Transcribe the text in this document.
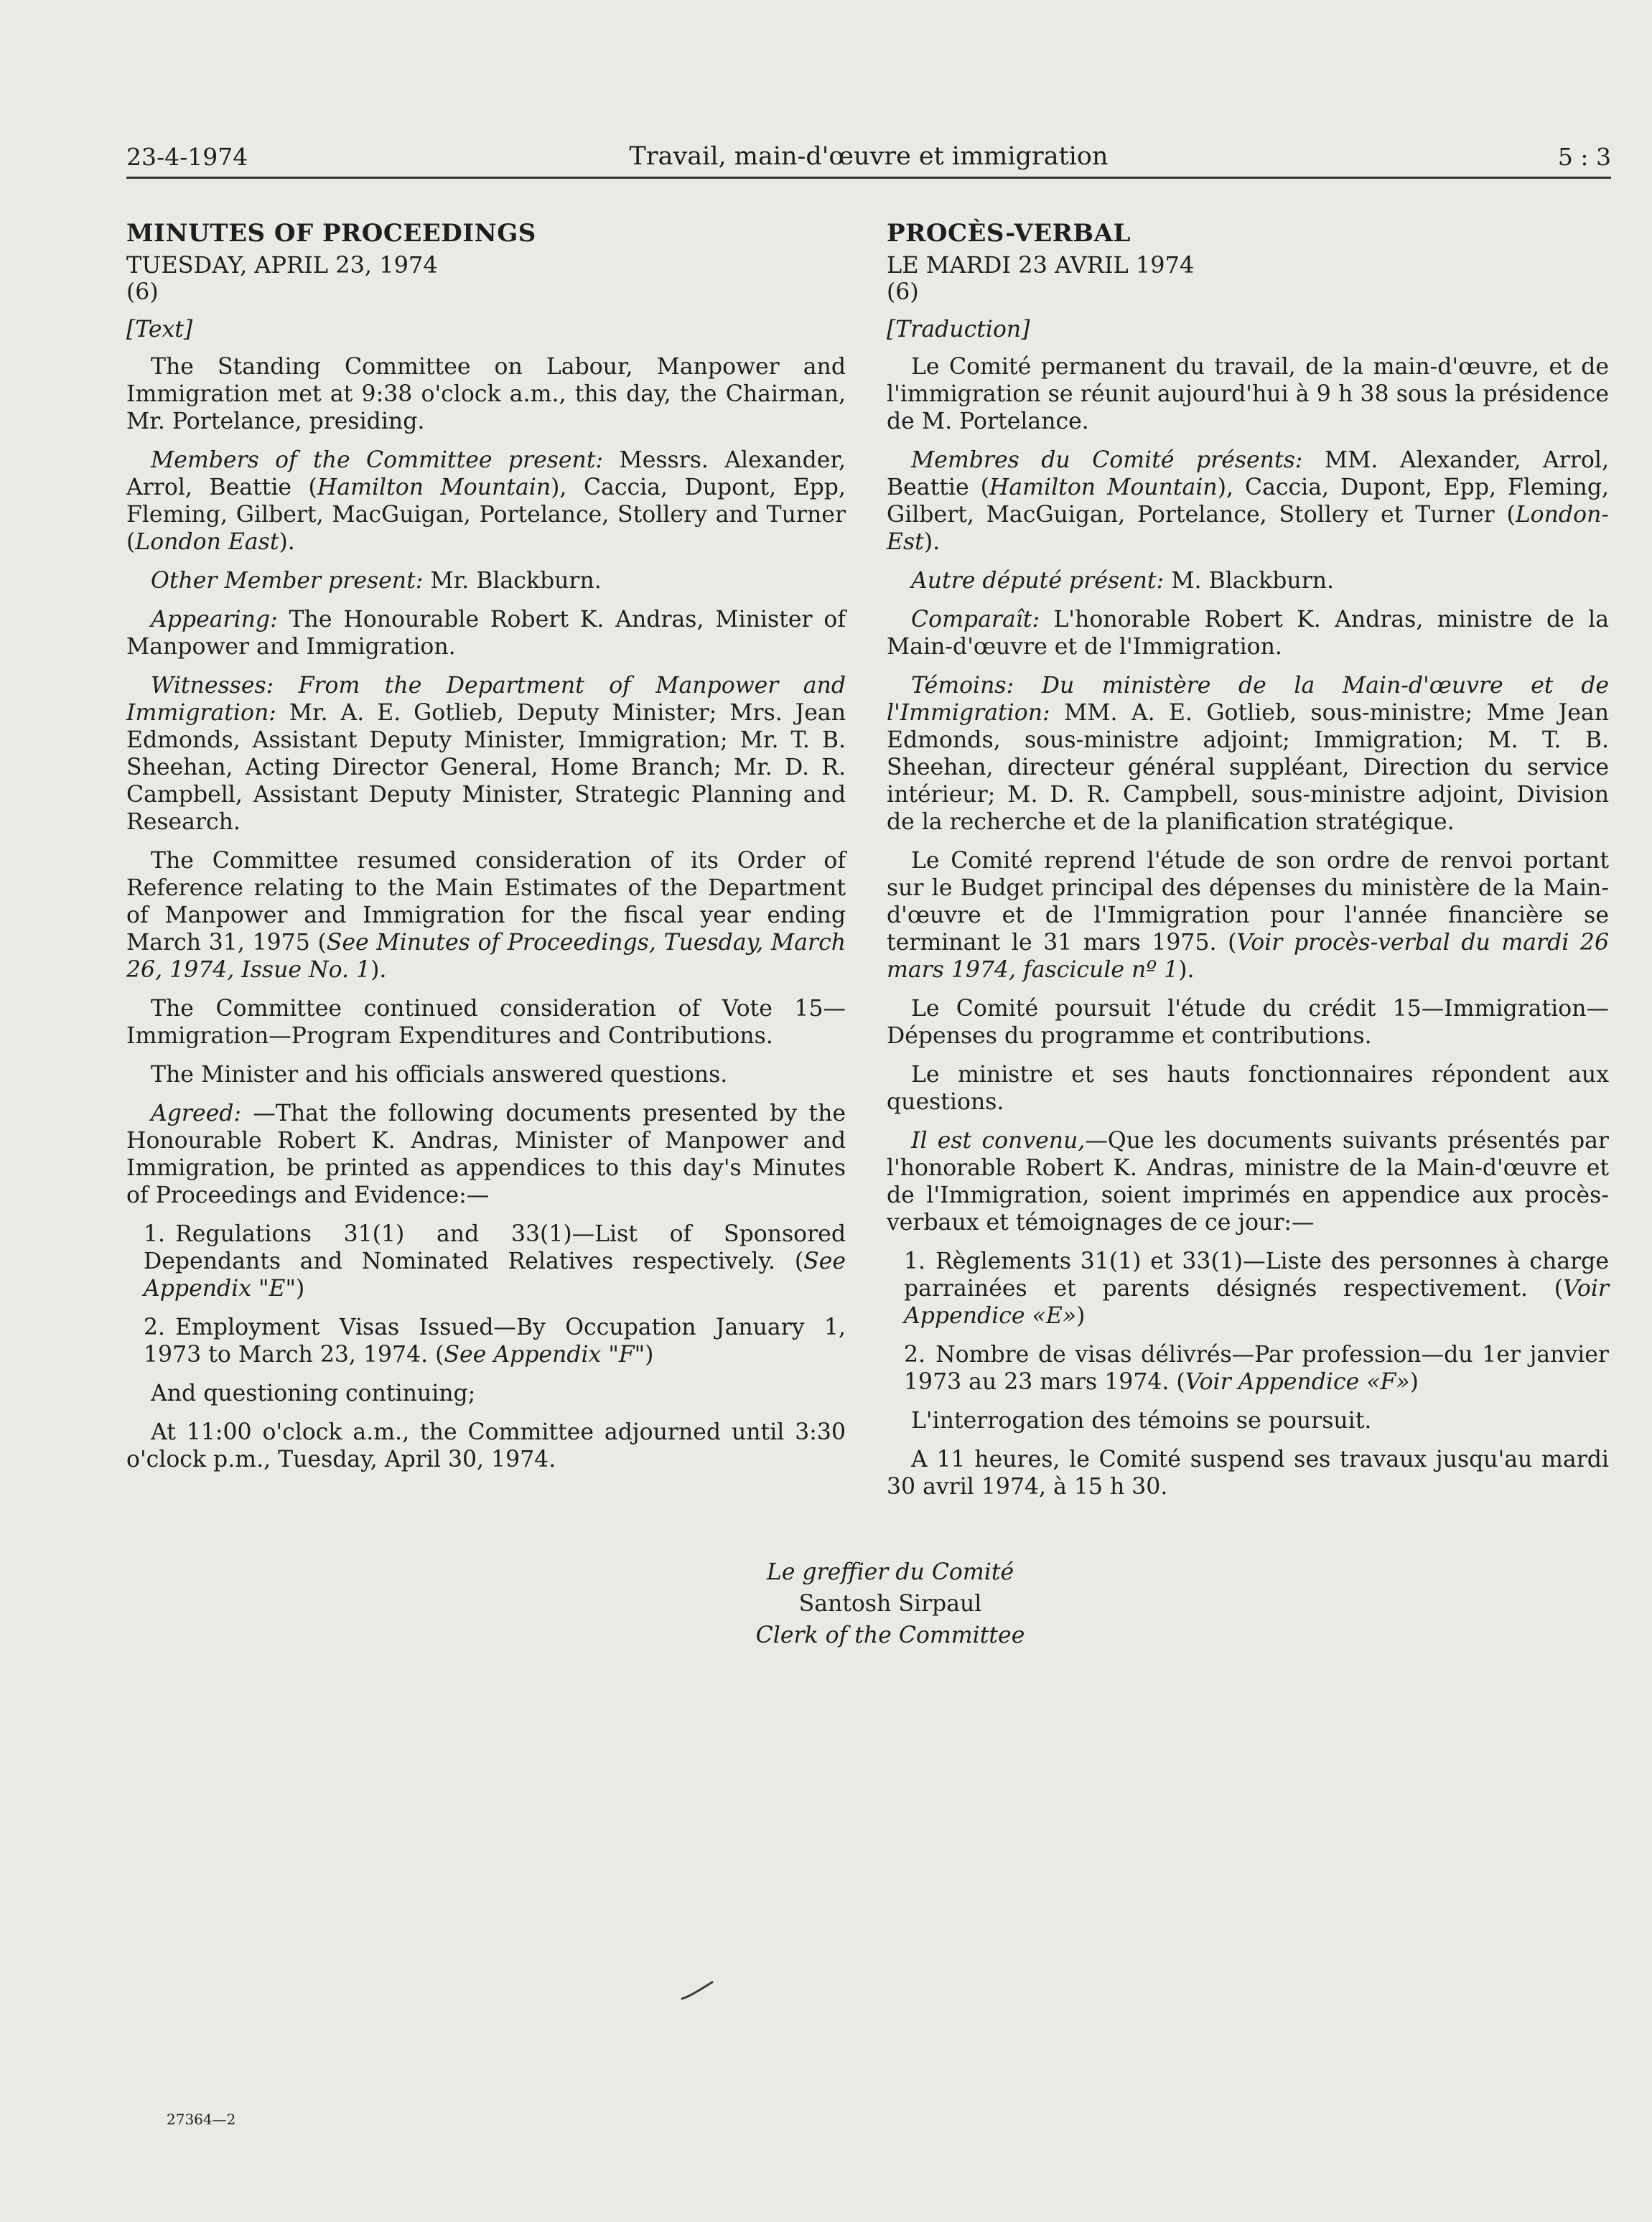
23-4-1974	Travail, main-d'œuvre et immigration	5 : 3
MINUTES OF PROCEEDINGS
TUESDAY, APRIL 23, 1974
(6)
[Text]

The Standing Committee on Labour, Manpower and Immigration met at 9:38 o'clock a.m., this day, the Chairman, Mr. Portelance, presiding.

Members of the Committee present: Messrs. Alexander, Arrol, Beattie (Hamilton Mountain), Caccia, Dupont, Epp, Fleming, Gilbert, MacGuigan, Portelance, Stollery and Turner (London East).

Other Member present: Mr. Blackburn.

Appearing: The Honourable Robert K. Andras, Minister of Manpower and Immigration.

Witnesses: From the Department of Manpower and Immigration: Mr. A. E. Gotlieb, Deputy Minister; Mrs. Jean Edmonds, Assistant Deputy Minister, Immigration; Mr. T. B. Sheehan, Acting Director General, Home Branch; Mr. D. R. Campbell, Assistant Deputy Minister, Strategic Planning and Research.

The Committee resumed consideration of its Order of Reference relating to the Main Estimates of the Department of Manpower and Immigration for the fiscal year ending March 31, 1975 (See Minutes of Proceedings, Tuesday, March 26, 1974, Issue No. 1).

The Committee continued consideration of Vote 15—Immigration—Program Expenditures and Contributions.

The Minister and his officials answered questions.

Agreed: —That the following documents presented by the Honourable Robert K. Andras, Minister of Manpower and Immigration, be printed as appendices to this day's Minutes of Proceedings and Evidence:—

1. Regulations 31(1) and 33(1)—List of Sponsored Dependants and Nominated Relatives respectively. (See Appendix "E")
2. Employment Visas Issued—By Occupation January 1, 1973 to March 23, 1974. (See Appendix "F")

And questioning continuing;

At 11:00 o'clock a.m., the Committee adjourned until 3:30 o'clock p.m., Tuesday, April 30, 1974.

PROCÈS-VERBAL
LE MARDI 23 AVRIL 1974
(6)
[Traduction]

Le Comité permanent du travail, de la main-d'œuvre, et de l'immigration se réunit aujourd'hui à 9 h 38 sous la présidence de M. Portelance.

Membres du Comité présents: MM. Alexander, Arrol, Beattie (Hamilton Mountain), Caccia, Dupont, Epp, Fleming, Gilbert, MacGuigan, Portelance, Stollery et Turner (London-Est).

Autre député présent: M. Blackburn.

Comparaît: L'honorable Robert K. Andras, ministre de la Main-d'œuvre et de l'Immigration.

Témoins: Du ministère de la Main-d'œuvre et de l'Immigration: MM. A. E. Gotlieb, sous-ministre; Mme Jean Edmonds, sous-ministre adjoint; Immigration; M. T. B. Sheehan, directeur général suppléant, Direction du service intérieur; M. D. R. Campbell, sous-ministre adjoint, Division de la recherche et de la planification stratégique.

Le Comité reprend l'étude de son ordre de renvoi portant sur le Budget principal des dépenses du ministère de la Main-d'œuvre et de l'Immigration pour l'année financière se terminant le 31 mars 1975. (Voir procès-verbal du mardi 26 mars 1974, fascicule nº 1).

Le Comité poursuit l'étude du crédit 15—Immigration—Dépenses du programme et contributions.

Le ministre et ses hauts fonctionnaires répondent aux questions.

Il est convenu,—Que les documents suivants présentés par l'honorable Robert K. Andras, ministre de la Main-d'œuvre et de l'Immigration, soient imprimés en appendice aux procès-verbaux et témoignages de ce jour:—

1. Règlements 31(1) et 33(1)—Liste des personnes à charge parrainées et parents désignés respectivement. (Voir Appendice «E»)
2. Nombre de visas délivrés—Par profession—du 1er janvier 1973 au 23 mars 1974. (Voir Appendice «F»)

L'interrogation des témoins se poursuit.

A 11 heures, le Comité suspend ses travaux jusqu'au mardi 30 avril 1974, à 15 h 30.

Le greffier du Comité
Santosh Sirpaul
Clerk of the Committee
27364—2
